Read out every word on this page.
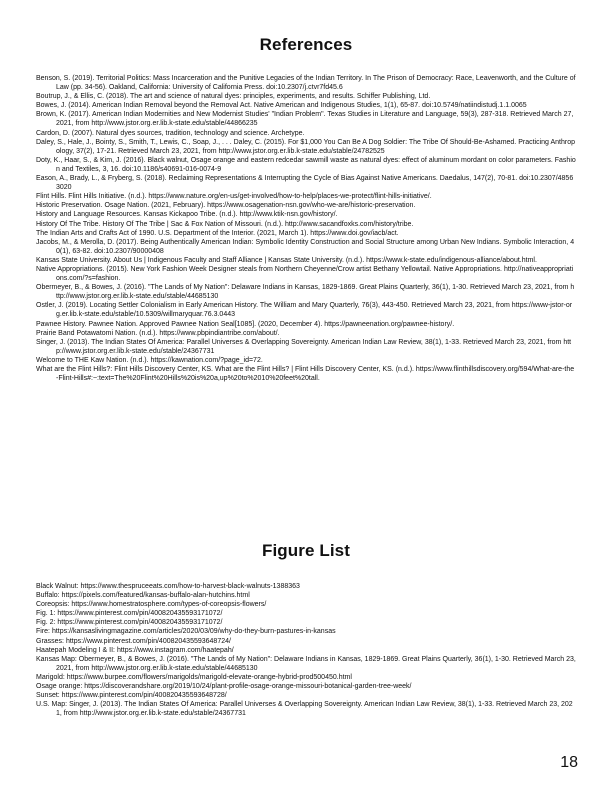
References
Benson, S. (2019). Territorial Politics: Mass Incarceration and the Punitive Legacies of the Indian Territory. In The Prison of Democracy: Race, Leavenworth, and the Culture of Law (pp. 34-56). Oakland, California: University of California Press. doi:10.2307/j.ctvr7fd45.6
Boutrup, J., & Ellis, C. (2018). The art and science of natural dyes: principles, experiments, and results. Schiffer Publishing, Ltd.
Bowes, J. (2014). American Indian Removal beyond the Removal Act. Native American and Indigenous Studies, 1(1), 65-87. doi:10.5749/natiindistudj.1.1.0065
Brown, K. (2017). American Indian Modernities and New Modernist Studies' "Indian Problem". Texas Studies in Literature and Language, 59(3), 287-318. Retrieved March 27, 2021, from http://www.jstor.org.er.lib.k-state.edu/stable/44866235
Cardon, D. (2007). Natural dyes sources, tradition, technology and science. Archetype.
Daley, S., Hale, J., Bointy, S., Smith, T., Lewis, C., Soap, J., . . . Daley, C. (2015). For $1,000 You Can Be A Dog Soldier: The Tribe Of Should-Be-Ashamed. Practicing Anthropology, 37(2), 17-21. Retrieved March 23, 2021, from http://www.jstor.org.er.lib.k-state.edu/stable/24782525
Doty, K., Haar, S., & Kim, J. (2016). Black walnut, Osage orange and eastern redcedar sawmill waste as natural dyes: effect of aluminum mordant on color parameters. Fashion and Textiles, 3, 16. doi:10.1186/s40691-016-0074-9
Eason, A., Brady, L., & Fryberg, S. (2018). Reclaiming Representations & Interrupting the Cycle of Bias Against Native Americans. Daedalus, 147(2), 70-81. doi:10.2307/48563020
Flint Hills. Flint Hills Initiative. (n.d.). https://www.nature.org/en-us/get-involved/how-to-help/places-we-protect/flint-hills-initiative/.
Historic Preservation. Osage Nation. (2021, February). https://www.osagenation-nsn.gov/who-we-are/historic-preservation.
History and Language Resources. Kansas Kickapoo Tribe. (n.d.). http://www.ktik-nsn.gov/history/.
History Of The Tribe. History Of The Tribe | Sac & Fox Nation of Missouri. (n.d.). http://www.sacandfoxks.com/history/tribe.
The Indian Arts and Crafts Act of 1990. U.S. Department of the Interior. (2021, March 1). https://www.doi.gov/iacb/act.
Jacobs, M., & Merolla, D. (2017). Being Authentically American Indian: Symbolic Identity Construction and Social Structure among Urban New Indians. Symbolic Interaction, 40(1), 63-82. doi:10.2307/90000408
Kansas State University. About Us | Indigenous Faculty and Staff Alliance | Kansas State University. (n.d.). https://www.k-state.edu/indigenous-alliance/about.html.
Native Appropriations. (2015). New York Fashion Week Designer steals from Northern Cheyenne/Crow artist Bethany Yellowtail. Native Appropriations. http://nativeappropriations.com/?s=fashion.
Obermeyer, B., & Bowes, J. (2016). "The Lands of My Nation": Delaware Indians in Kansas, 1829-1869. Great Plains Quarterly, 36(1), 1-30. Retrieved March 23, 2021, from http://www.jstor.org.er.lib.k-state.edu/stable/44685130
Ostler, J. (2019). Locating Settler Colonialism in Early American History. The William and Mary Quarterly, 76(3), 443-450. Retrieved March 23, 2021, from https://www-jstor-org.er.lib.k-state.edu/stable/10.5309/willmaryquar.76.3.0443
Pawnee History. Pawnee Nation. Approved Pawnee Nation Seal[1085]. (2020, December 4). https://pawneenation.org/pawnee-history/.
Prairie Band Potawatomi Nation. (n.d.). https://www.pbpindiantribe.com/about/.
Singer, J. (2013). The Indian States Of America: Parallel Universes & Overlapping Sovereignty. American Indian Law Review, 38(1), 1-33. Retrieved March 23, 2021, from http://www.jstor.org.er.lib.k-state.edu/stable/24367731
Welcome to THE Kaw Nation. (n.d.). https://kawnation.com/?page_id=72.
What are the Flint Hills?: Flint Hills Discovery Center, KS. What are the Flint Hills? | Flint Hills Discovery Center, KS. (n.d.). https://www.flinthillsdiscovery.org/594/What-are-the-Flint-Hills#:~:text=The%20Flint%20Hills%20is%20a,up%20to%2010%20feet%20tall.
Figure List
Black Walnut: https://www.thespruceeats.com/how-to-harvest-black-walnuts-1388363
Buffalo: https://pixels.com/featured/kansas-buffalo-alan-hutchins.html
Coreopsis: https://www.homestratosphere.com/types-of-coreopsis-flowers/
Fig. 1: https://www.pinterest.com/pin/400820435593171072/
Fig. 2: https://www.pinterest.com/pin/400820435593171072/
Fire: https://kansaslivingmagazine.com/articles/2020/03/09/why-do-they-burn-pastures-in-kansas
Grasses: https://www.pinterest.com/pin/400820435593648724/
Haatepah Modeling I & II: https://www.instagram.com/haatepah/
Kansas Map: Obermeyer, B., & Bowes, J. (2016). "The Lands of My Nation": Delaware Indians in Kansas, 1829-1869. Great Plains Quarterly, 36(1), 1-30. Retrieved March 23, 2021, from http://www.jstor.org.er.lib.k-state.edu/stable/44685130
Marigold: https://www.burpee.com/flowers/marigolds/marigold-elevate-orange-hybrid-prod500450.html
Osage orange: https://discoverandshare.org/2019/10/24/plant-profile-osage-orange-missouri-botanical-garden-tree-week/
Sunset: https://www.pinterest.com/pin/400820435593648728/
U.S. Map: Singer, J. (2013). The Indian States Of America: Parallel Universes & Overlapping Sovereignty. American Indian Law Review, 38(1), 1-33. Retrieved March 23, 2021, from http://www.jstor.org.er.lib.k-state.edu/stable/24367731
18
